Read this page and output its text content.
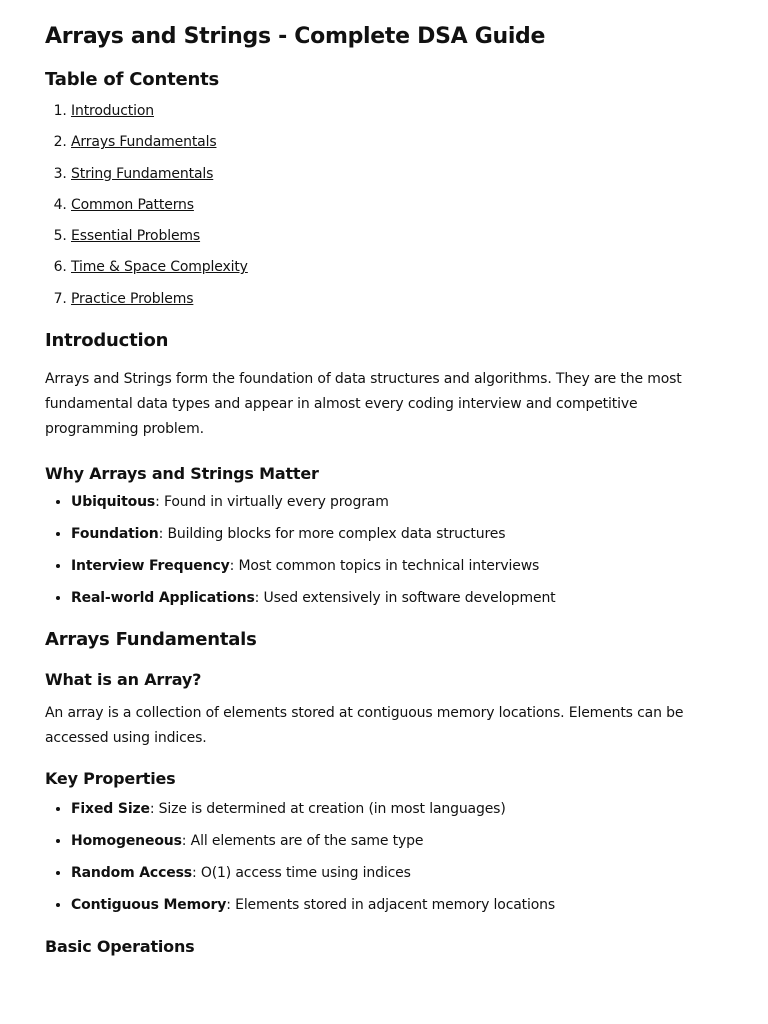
Arrays and Strings - Complete DSA Guide
Table of Contents
1. Introduction
2. Arrays Fundamentals
3. String Fundamentals
4. Common Patterns
5. Essential Problems
6. Time & Space Complexity
7. Practice Problems
Introduction

Arrays and Strings form the foundation of data structures and algorithms. They are the most fundamental data types and appear in almost every coding interview and competitive programming problem.

Why Arrays and Strings Matter
• Ubiquitous: Found in virtually every program
• Foundation: Building blocks for more complex data structures
• Interview Frequency: Most common topics in technical interviews
• Real-world Applications: Used extensively in software development
Arrays Fundamentals
What is an Array?

An array is a collection of elements stored at contiguous memory locations. Elements can be accessed using indices.

Key Properties
• Fixed Size: Size is determined at creation (in most languages)
• Homogeneous: All elements are of the same type
• Random Access: O(1) access time using indices
• Contiguous Memory: Elements stored in adjacent memory locations
Basic Operations
